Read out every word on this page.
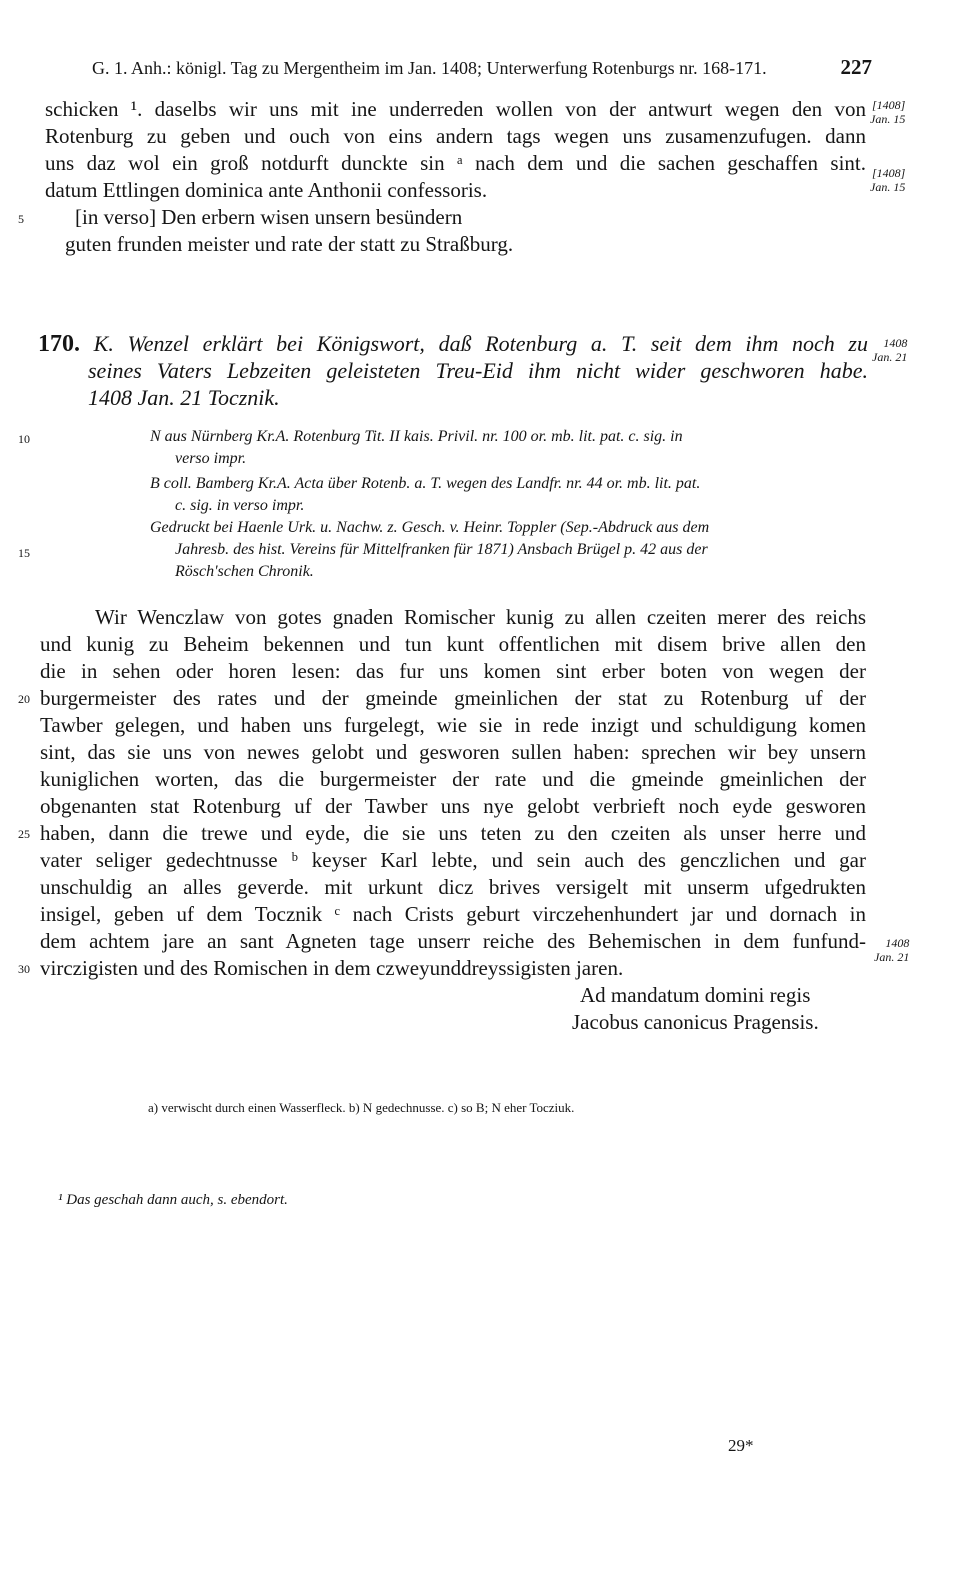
G. 1. Anh.: königl. Tag zu Mergentheim im Jan. 1408; Unterwerfung Rotenburgs nr. 168-171.	227
schicken ¹. daselbs wir uns mit ine underreden wollen von der antwurt wegen den von
Rotenburg zu geben und ouch von eins andern tags wegen uns zusamenzufugen. dann
uns daz wol ein groß notdurft dunckte sin ᵃ nach dem und die sachen geschaffen sint.
datum Ettlingen dominica ante Anthonii confessoris.
[in verso] Den erbern wisen unsern besündern
guten frunden meister und rate der statt zu Straßburg.
[1408]
Jan. 15
[1408]
Jan. 15
5
170. K. Wenzel erklärt bei Königswort, daß Rotenburg a. T. seit dem ihm noch zu
seines Vaters Lebzeiten geleisteten Treu-Eid ihm nicht wider geschworen habe.
1408 Jan. 21 Tocznik.
1408
Jan. 21
10	N aus Nürnberg Kr.A. Rotenburg Tit. II kais. Privil. nr. 100 or. mb. lit. pat. c. sig. in
verso impr.
B coll. Bamberg Kr.A. Acta über Rotenb. a. T. wegen des Landfr. nr. 44 or. mb. lit. pat.
c. sig. in verso impr.
Gedruckt bei Haenle Urk. u. Nachw. z. Gesch. v. Heinr. Toppler (Sep.-Abdruck aus dem
15	Jahresb. des hist. Vereins für Mittelfranken für 1871) Ansbach Brügel p. 42 aus der
Rösch'schen Chronik.
Wir Wenczlaw von gotes gnaden Romischer kunig zu allen czeiten merer des reichs
und kunig zu Beheim bekennen und tun kunt offentlichen mit disem brive allen den
die in sehen oder horen lesen: das fur uns komen sint erber boten von wegen der
20 burgermeister des rates und der gmeinde gmeinlichen der stat zu Rotenburg uf der
Tawber gelegen, und haben uns furgelegt, wie sie in rede inzigt und schuldigung komen
sint, das sie uns von newes gelobt und gesworen sullen haben: sprechen wir bey unsern
kuniglichen worten, das die burgermeister der rate und die gmeinde gmeinlichen der
obgenanten stat Rotenburg uf der Tawber uns nye gelobt verbrieft noch eyde gesworen
25 haben, dann die trewe und eyde, die sie uns teten zu den czeiten als unser herre und
vater seliger gedechtnusse ᵇ keyser Karl lebte, und sein auch des genczlichen und gar
unschuldig an alles geverde. mit urkunt dicz brives versigelt mit unserm ufgedrukten
insigel, geben uf dem Tocznik ᶜ nach Crists geburt virczehenhundert jar und dornach in
dem achtem jare an sant Agneten tage unserr reiche des Behemischen in dem funfund-
30 virczigisten und des Romischen in dem czweyunddreyssigisten jaren.
1408
Jan. 21
Ad mandatum domini regis
Jacobus canonicus Pragensis.
a) verwischt durch einen Wasserfleck. b) N gedechnusse. c) so B; N eher Tocziuk.
¹ Das geschah dann auch, s. ebendort.
29*
